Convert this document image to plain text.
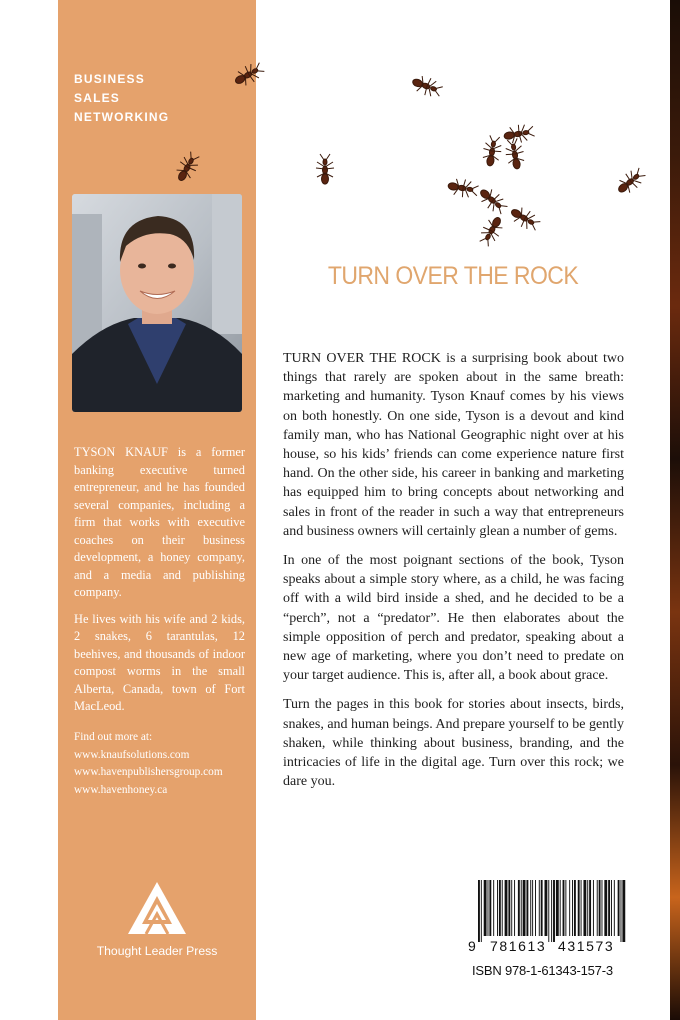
BUSINESS
SALES
NETWORKING

TYSON KNAUF is a former banking executive turned entrepreneur, and he has founded several companies, including a firm that works with executive coaches on their business development, a honey company, and a media and publishing company.

He lives with his wife and 2 kids, 2 snakes, 6 tarantulas, 12 beehives, and thousands of indoor compost worms in the small Alberta, Canada, town of Fort MacLeod.

Find out more at:
www.knaufsolutions.com
www.havenpublishersgroup.com
www.havenhoney.ca
Thought Leader Press
TURN OVER THE ROCK

TURN OVER THE ROCK is a surprising book about two things that rarely are spoken about in the same breath: marketing and humanity. Tyson Knauf comes by his views on both honestly. On one side, Tyson is a devout and kind family man, who has National Geographic night over at his house, so his kids’ friends can come experience nature first hand. On the other side, his career in banking and marketing has equipped him to bring concepts about networking and sales in front of the reader in such a way that entrepreneurs and business owners will certainly glean a number of gems.

In one of the most poignant sections of the book, Tyson speaks about a simple story where, as a child, he was facing off with a wild bird inside a shed, and he decided to be a “perch”, not a “predator”. He then elaborates about the simple opposition of perch and predator, speaking about a new age of marketing, where you don’t need to predate on your target audience. This is, after all, a book about grace.

Turn the pages in this book for stories about insects, birds, snakes, and human beings. And prepare yourself to be gently shaken, while thinking about business, branding, and the intricacies of life in the digital age. Turn over this rock; we dare you.

9 781613 431573
ISBN 978-1-61343-157-3
